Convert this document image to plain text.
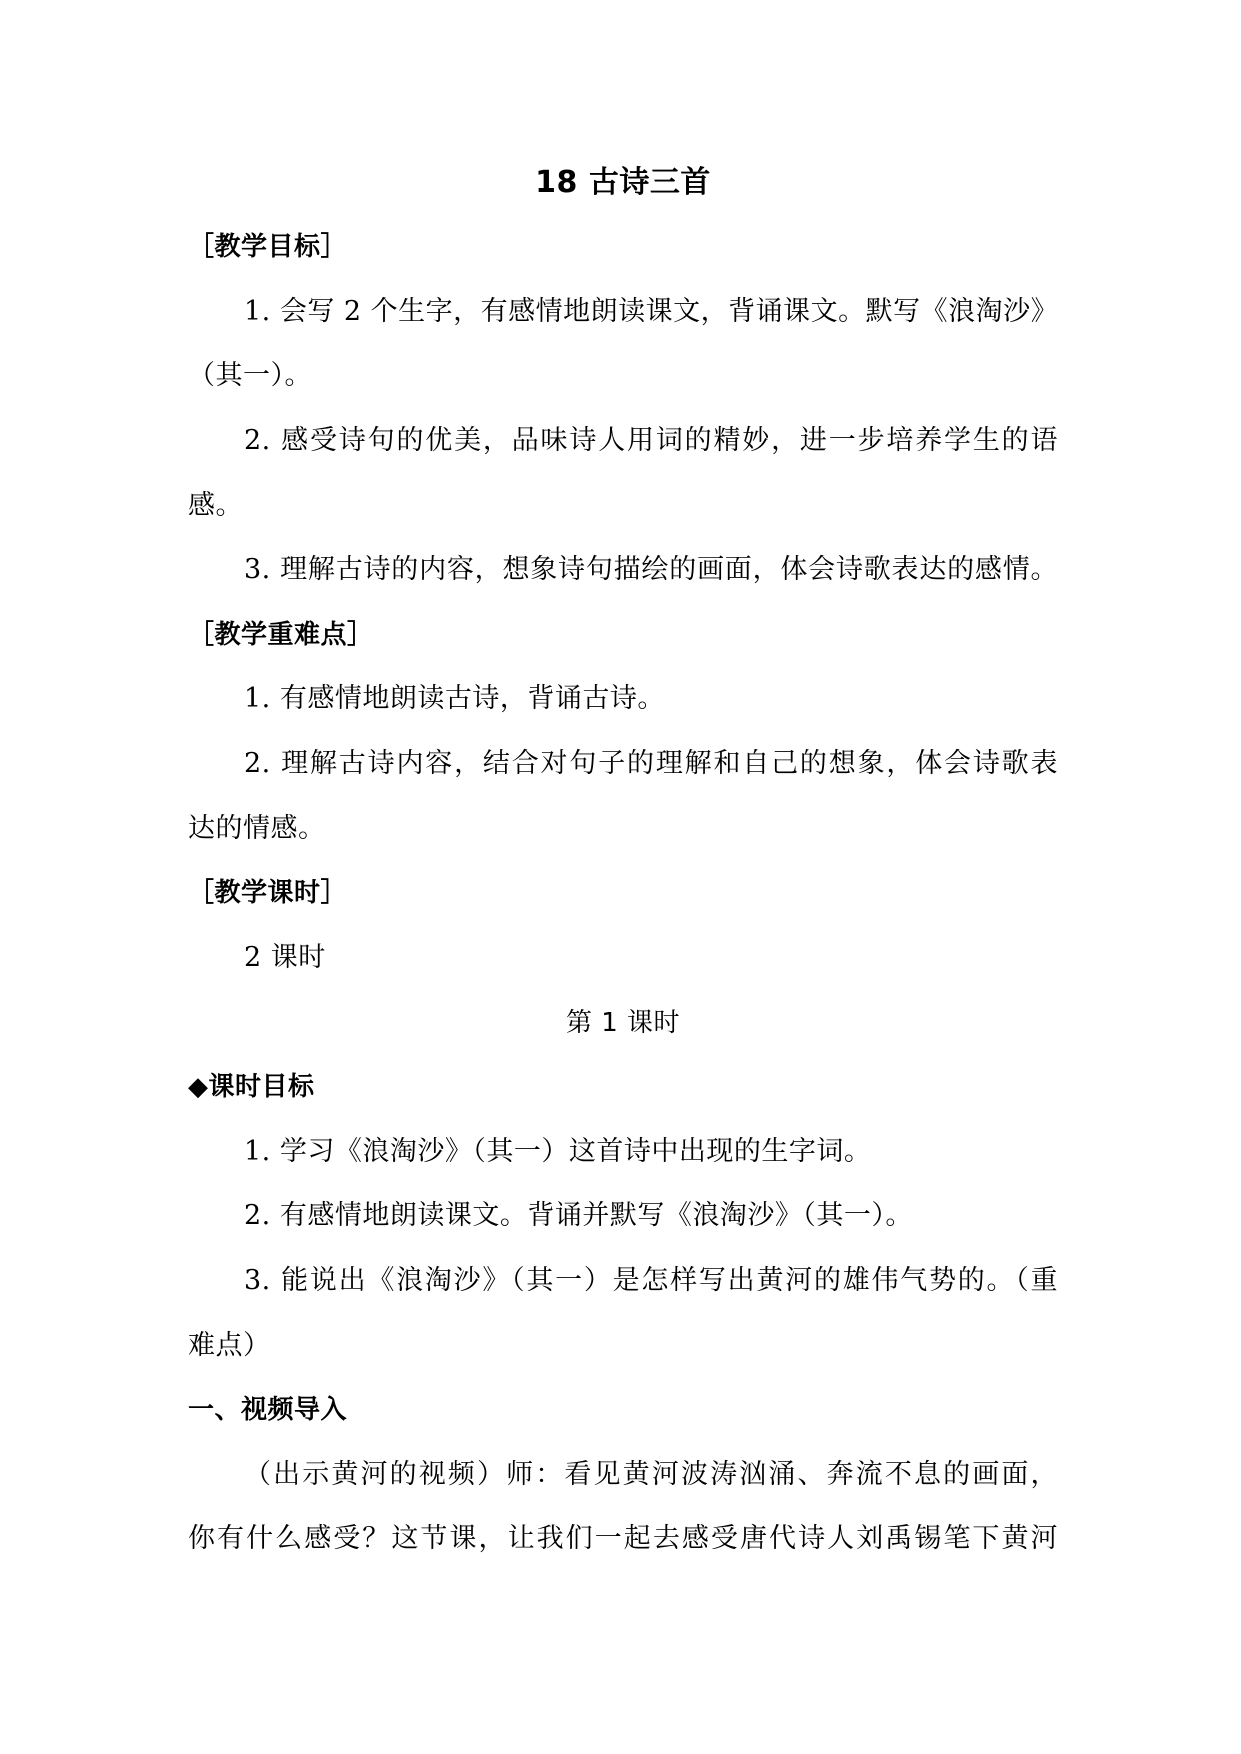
18 古诗三首
［教学目标］
1. 会写 2 个生字，有感情地朗读课文，背诵课文。默写《浪淘沙》
（其一）。
2. 感受诗句的优美，品味诗人用词的精妙，进一步培养学生的语
感。
3. 理解古诗的内容，想象诗句描绘的画面，体会诗歌表达的感情。
［教学重难点］
1. 有感情地朗读古诗，背诵古诗。
2. 理解古诗内容，结合对句子的理解和自己的想象，体会诗歌表
达的情感。
［教学课时］
2 课时
第 1 课时
◆课时目标
1. 学习《浪淘沙》（其一）这首诗中出现的生字词。
2. 有感情地朗读课文。背诵并默写《浪淘沙》（其一）。
3. 能说出《浪淘沙》（其一）是怎样写出黄河的雄伟气势的。（重
难点）
一、视频导入
（出示黄河的视频）师：看见黄河波涛汹涌、奔流不息的画面，
你有什么感受？这节课，让我们一起去感受唐代诗人刘禹锡笔下黄河
